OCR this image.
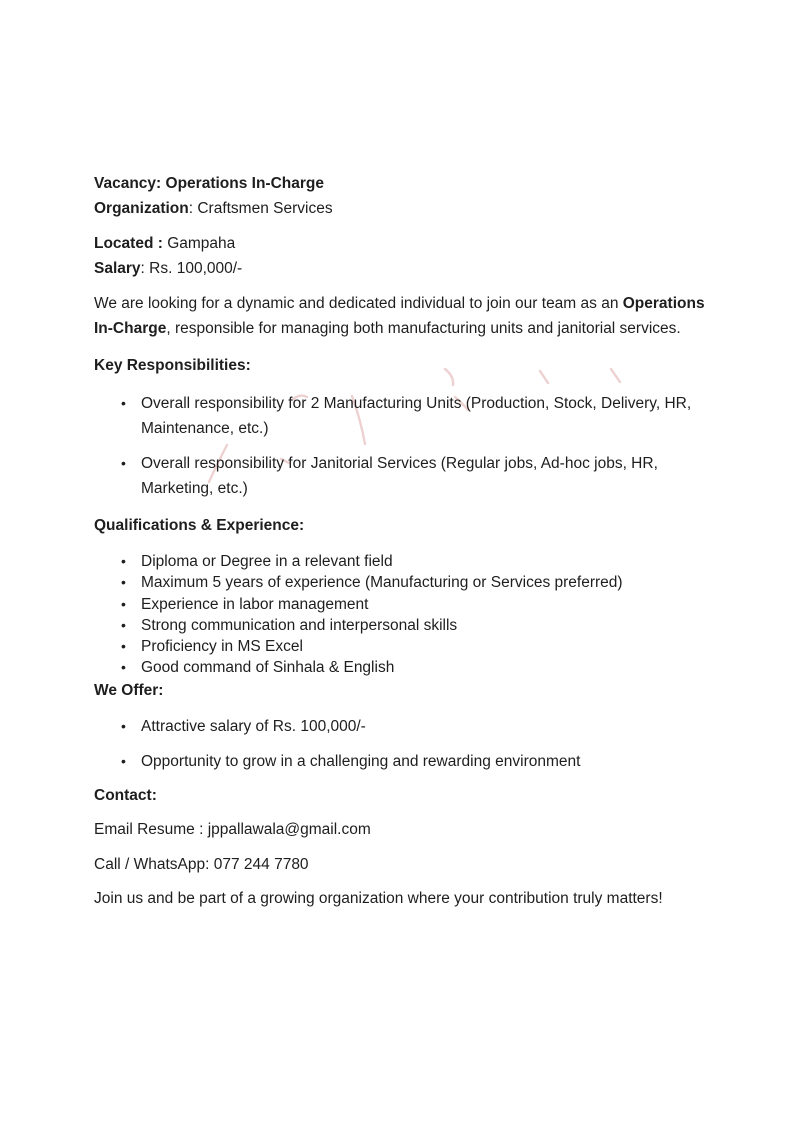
Vacancy: Operations In-Charge

Organization: Craftsmen Services

Located : Gampaha

Salary: Rs. 100,000/-

We are looking for a dynamic and dedicated individual to join our team as an Operations In-Charge, responsible for managing both manufacturing units and janitorial services.

Key Responsibilities:

• Overall responsibility for 2 Manufacturing Units (Production, Stock, Delivery, HR, Maintenance, etc.)
• Overall responsibility for Janitorial Services (Regular jobs, Ad-hoc jobs, HR, Marketing, etc.)

Qualifications & Experience:

• Diploma or Degree in a relevant field
• Maximum 5 years of experience (Manufacturing or Services preferred)
• Experience in labor management
• Strong communication and interpersonal skills
• Proficiency in MS Excel
• Good command of Sinhala & English

We Offer:

• Attractive salary of Rs. 100,000/-
• Opportunity to grow in a challenging and rewarding environment

Contact:

Email Resume : jppallawala@gmail.com

Call / WhatsApp: 077 244 7780

Join us and be part of a growing organization where your contribution truly matters!
